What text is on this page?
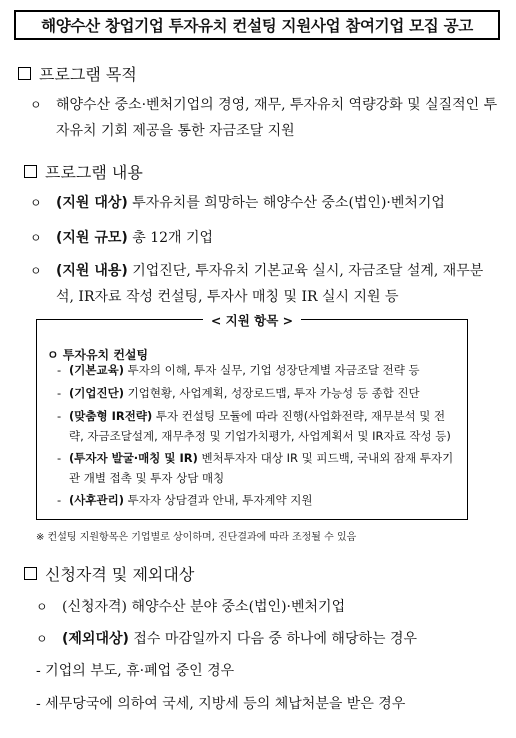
해양수산 창업기업 투자유치 컨설팅 지원사업 참여기업 모집 공고
프로그램 목적
ㅇ	해양수산 중소·벤처기업의 경영, 재무, 투자유치 역량강화 및 실질적인 투자유치 기회 제공을 통한 자금조달 지원
프로그램 내용
ㅇ	(지원 대상) 투자유치를 희망하는 해양수산 중소(법인)·벤처기업
ㅇ	(지원 규모) 총 12개 기업
ㅇ	(지원 내용) 기업진단, 투자유치 기본교육 실시, 자금조달 설계, 재무분석, IR자료 작성 컨설팅, 투자사 매칭 및 IR 실시 지원 등
< 지원 항목 >
ㅇ 투자유치 컨설팅
- (기본교육) 투자의 이해, 투자 실무, 기업 성장단계별 자금조달 전략 등
- (기업진단) 기업현황, 사업계획, 성장로드맵, 투자 가능성 등 종합 진단
- (맞춤형 IR전략) 투자 컨설팅 모듈에 따라 진행(사업화전략, 재무분석 및 전략, 자금조달설계, 재무추정 및 기업가치평가, 사업계획서 및 IR자료 작성 등)
- (투자자 발굴·매칭 및 IR) 벤처투자자 대상 IR 및 피드백, 국내외 잠재 투자기관 개별 접촉 및 투자 상담 매칭
- (사후관리) 투자자 상담결과 안내, 투자계약 지원
※ 컨설팅 지원항목은 기업별로 상이하며, 진단결과에 따라 조정될 수 있음
신청자격 및 제외대상
ㅇ	(신청자격) 해양수산 분야 중소(법인)·벤처기업
ㅇ	(제외대상) 접수 마감일까지 다음 중 하나에 해당하는 경우
- 기업의 부도, 휴·폐업 중인 경우
- 세무당국에 의하여 국세, 지방세 등의 체납처분을 받은 경우
